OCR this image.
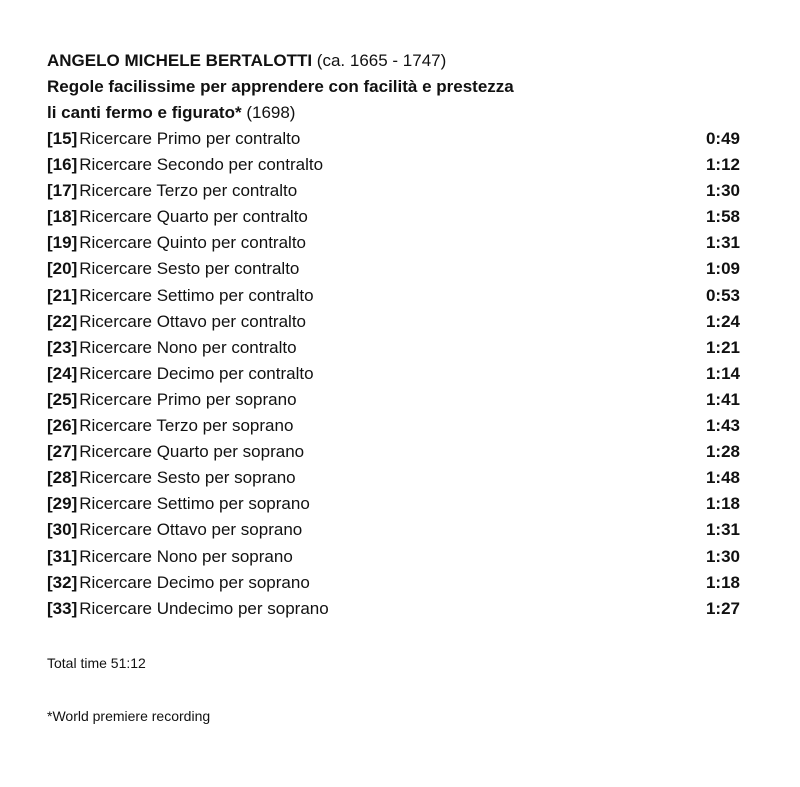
ANGELO MICHELE BERTALOTTI (ca. 1665 - 1747)
Regole facilissime per apprendere con facilità e prestezza
li canti fermo e figurato* (1698)
[15] Ricercare Primo per contralto	0:49
[16] Ricercare Secondo per contralto	1:12
[17] Ricercare Terzo per contralto	1:30
[18] Ricercare Quarto per contralto	1:58
[19] Ricercare Quinto per contralto	1:31
[20] Ricercare Sesto per contralto	1:09
[21] Ricercare Settimo per contralto	0:53
[22] Ricercare Ottavo per contralto	1:24
[23] Ricercare Nono per contralto	1:21
[24] Ricercare Decimo per contralto	1:14
[25] Ricercare Primo per soprano	1:41
[26] Ricercare Terzo per soprano	1:43
[27] Ricercare Quarto per soprano	1:28
[28] Ricercare Sesto per soprano	1:48
[29] Ricercare Settimo per soprano	1:18
[30] Ricercare Ottavo per soprano	1:31
[31] Ricercare Nono per soprano	1:30
[32] Ricercare Decimo per soprano	1:18
[33] Ricercare Undecimo per soprano	1:27
Total time 51:12
*World premiere recording
